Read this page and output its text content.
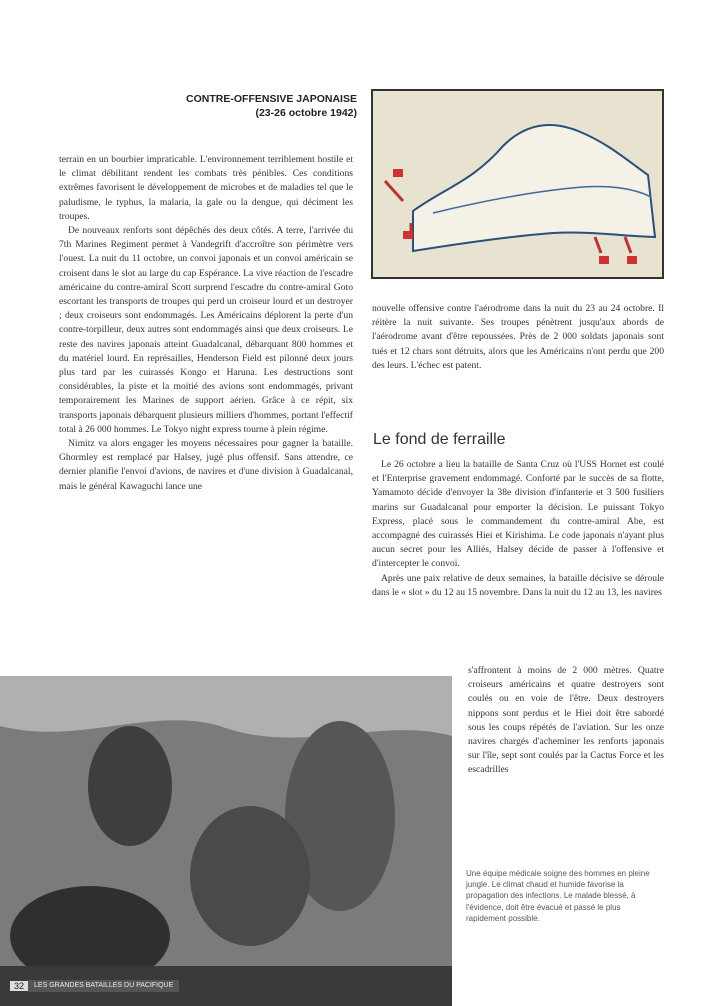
CONTRE-OFFENSIVE JAPONAISE
(23-26 octobre 1942)

terrain en un bourbier impraticable. L'environnement terriblement hostile et le climat débilitant rendent les combats très pénibles. Ces conditions extrêmes favorisent le développement de microbes et de maladies tel que le paludisme, le typhus, la malaria, la gale ou la dengue, qui déciment les troupes.

De nouveaux renforts sont dépêchés des deux côtés. A terre, l'arrivée du 7th Marines Regiment permet à Vandegrift d'accroître son périmètre vers l'ouest. La nuit du 11 octobre, un convoi japonais et un convoi américain se croisent dans le slot au large du cap Espérance. La vive réaction de l'escadre américaine du contre-amiral Scott surprend l'escadre du contre-amiral Goto escortant les transports de troupes qui perd un croiseur lourd et un destroyer ; deux croiseurs sont endommagés. Les Américains déplorent la perte d'un contre-torpilleur, deux autres sont endommagés ainsi que deux croiseurs. Le reste des navires japonais atteint Guadalcanal, débarquant 800 hommes et du matériel lourd. En représailles, Henderson Field est pilonné deux jours plus tard par les cuirassés Kongo et Haruna. Les destructions sont considérables, la piste et la moitié des avions sont endommagés, privant temporairement les Marines de support aérien. Grâce à ce répit, six transports japonais débarquent plusieurs milliers d'hommes, portant l'effectif total à 26 000 hommes. Le Tokyo night express tourne à plein régime.

Nimitz va alors engager les moyens nécessaires pour gagner la bataille. Ghormley est remplacé par Halsey, jugé plus offensif. Sans attendre, ce dernier planifie l'envoi d'avions, de navires et d'une division à Guadalcanal, mais le général Kawaguchi lance une

nouvelle offensive contre l'aérodrome dans la nuit du 23 au 24 octobre. Il réitère la nuit suivante. Ses troupes pénètrent jusqu'aux abords de l'aérodrome avant d'être repoussées. Près de 2 000 soldats japonais sont tués et 12 chars sont détruits, alors que les Américains n'ont perdu que 200 des leurs. L'échec est patent.

Le fond de ferraille

Le 26 octobre a lieu la bataille de Santa Cruz où l'USS Hornet est coulé et l'Enterprise gravement endommagé. Conforté par le succès de sa flotte, Yamamoto décide d'envoyer la 38e division d'infanterie et 3 500 fusiliers marins sur Guadalcanal pour emporter la décision. Le puissant Tokyo Express, placé sous le commandement du contre-amiral Abe, est accompagné des cuirassés Hiei et Kirishima. Le code japonais n'ayant plus aucun secret pour les Alliés, Halsey décide de passer à l'offensive et d'intercepter le convoi.

Après une paix relative de deux semaines, la bataille décisive se déroule dans le « slot » du 12 au 15 novembre. Dans la nuit du 12 au 13, les navires

s'affrontent à moins de 2 000 mètres. Quatre croiseurs américains et quatre destroyers sont coulés ou en voie de l'être. Deux destroyers nippons sont perdus et le Hiei doit être sabordé sous les coups répétés de l'aviation. Sur les onze navires chargés d'acheminer les renforts japonais sur l'île, sept sont coulés par la Cactus Force et les escadrilles

Une équipe médicale soigne des hommes en pleine jungle. Le climat chaud et humide favorise la propagation des infections. Le malade blessé, à l'évidence, doit être évacué et passé le plus rapidement possible.
32	LES GRANDES BATAILLES DU PACIFIQUE
